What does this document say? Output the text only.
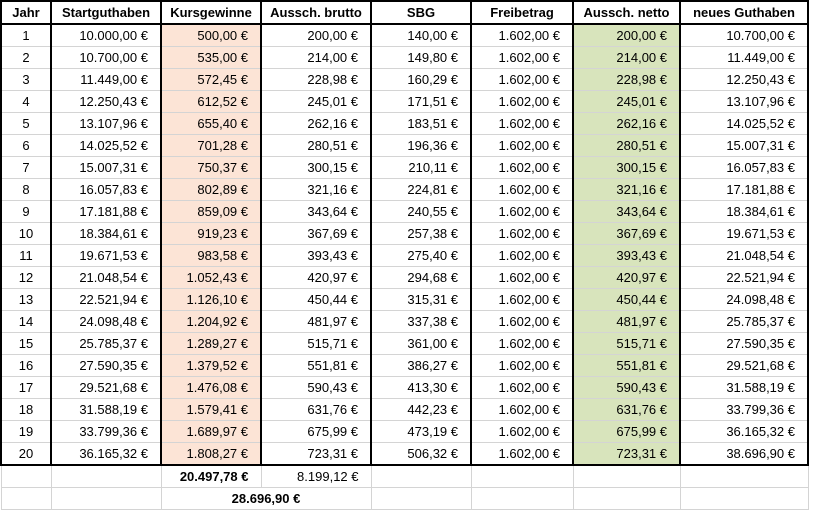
Jahr	Startguthaben	Kursgewinne	Aussch. brutto	SBG	Freibetrag	Aussch. netto	neues Guthaben
1	10.000,00 €	500,00 €	200,00 €	140,00 €	1.602,00 €	200,00 €	10.700,00 €
2	10.700,00 €	535,00 €	214,00 €	149,80 €	1.602,00 €	214,00 €	11.449,00 €
3	11.449,00 €	572,45 €	228,98 €	160,29 €	1.602,00 €	228,98 €	12.250,43 €
4	12.250,43 €	612,52 €	245,01 €	171,51 €	1.602,00 €	245,01 €	13.107,96 €
5	13.107,96 €	655,40 €	262,16 €	183,51 €	1.602,00 €	262,16 €	14.025,52 €
6	14.025,52 €	701,28 €	280,51 €	196,36 €	1.602,00 €	280,51 €	15.007,31 €
7	15.007,31 €	750,37 €	300,15 €	210,11 €	1.602,00 €	300,15 €	16.057,83 €
8	16.057,83 €	802,89 €	321,16 €	224,81 €	1.602,00 €	321,16 €	17.181,88 €
9	17.181,88 €	859,09 €	343,64 €	240,55 €	1.602,00 €	343,64 €	18.384,61 €
10	18.384,61 €	919,23 €	367,69 €	257,38 €	1.602,00 €	367,69 €	19.671,53 €
11	19.671,53 €	983,58 €	393,43 €	275,40 €	1.602,00 €	393,43 €	21.048,54 €
12	21.048,54 €	1.052,43 €	420,97 €	294,68 €	1.602,00 €	420,97 €	22.521,94 €
13	22.521,94 €	1.126,10 €	450,44 €	315,31 €	1.602,00 €	450,44 €	24.098,48 €
14	24.098,48 €	1.204,92 €	481,97 €	337,38 €	1.602,00 €	481,97 €	25.785,37 €
15	25.785,37 €	1.289,27 €	515,71 €	361,00 €	1.602,00 €	515,71 €	27.590,35 €
16	27.590,35 €	1.379,52 €	551,81 €	386,27 €	1.602,00 €	551,81 €	29.521,68 €
17	29.521,68 €	1.476,08 €	590,43 €	413,30 €	1.602,00 €	590,43 €	31.588,19 €
18	31.588,19 €	1.579,41 €	631,76 €	442,23 €	1.602,00 €	631,76 €	33.799,36 €
19	33.799,36 €	1.689,97 €	675,99 €	473,19 €	1.602,00 €	675,99 €	36.165,32 €
20	36.165,32 €	1.808,27 €	723,31 €	506,32 €	1.602,00 €	723,31 €	38.696,90 €
		20.497,78 €	8.199,12 €				
		28.696,90 €					
